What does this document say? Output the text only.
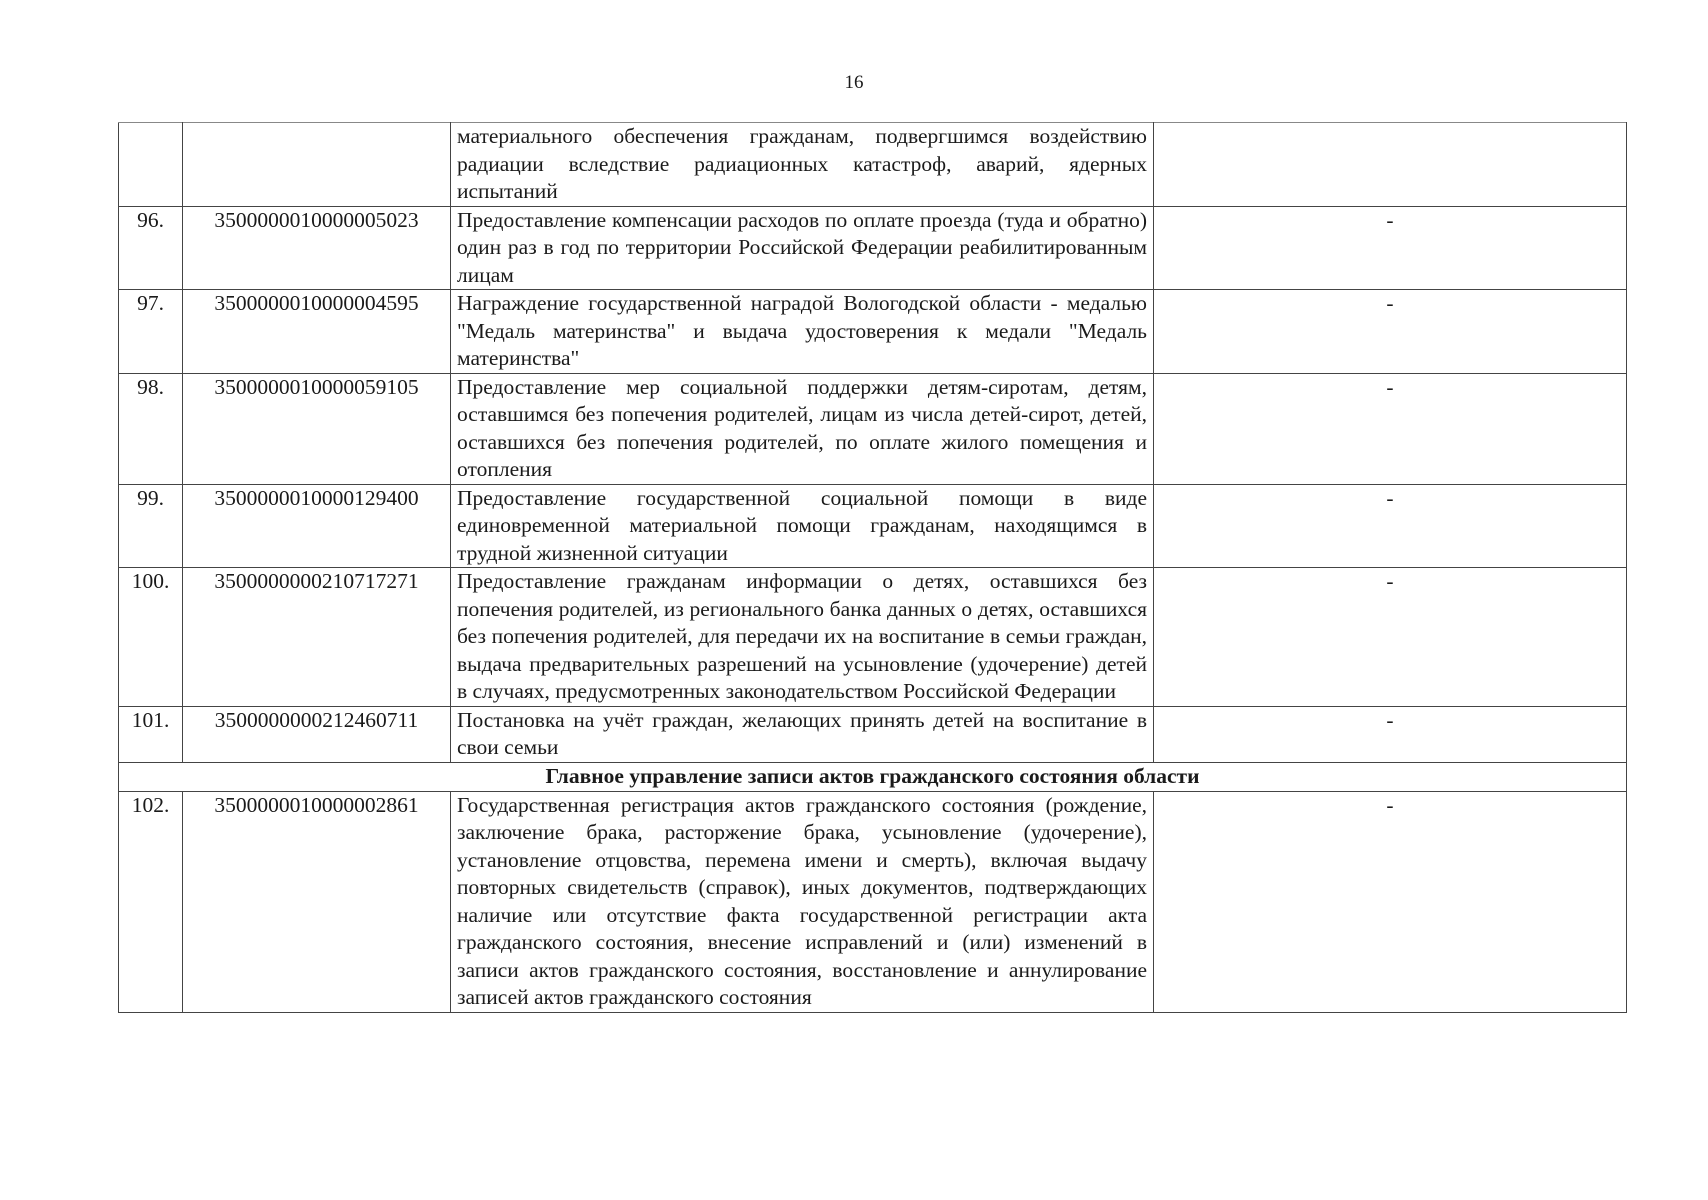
16
		материального обеспечения гражданам, подвергшимся воздействию радиации вследствие радиационных катастроф, аварий, ядерных испытаний	
96.	3500000010000005023	Предоставление компенсации расходов по оплате проезда (туда и обратно) один раз в год по территории Российской Федерации реабилитированным лицам	-
97.	3500000010000004595	Награждение государственной наградой Вологодской области - медалью "Медаль материнства" и выдача удостоверения к медали "Медаль материнства"	-
98.	3500000010000059105	Предоставление мер социальной поддержки детям-сиротам, детям, оставшимся без попечения родителей, лицам из числа детей-сирот, детей, оставшихся без попечения родителей, по оплате жилого помещения и отопления	-
99.	3500000010000129400	Предоставление государственной социальной помощи в виде единовременной материальной помощи гражданам, находящимся в трудной жизненной ситуации	-
100.	3500000000210717271	Предоставление гражданам информации о детях, оставшихся без попечения родителей, из регионального банка данных о детях, оставшихся без попечения родителей, для передачи их на воспитание в семьи граждан, выдача предварительных разрешений на усыновление (удочерение) детей в случаях, предусмотренных законодательством Российской Федерации	-
101.	3500000000212460711	Постановка на учёт граждан, желающих принять детей на воспитание в свои семьи	-
Главное управление записи актов гражданского состояния области			
102.	3500000010000002861	Государственная регистрация актов гражданского состояния (рождение, заключение брака, расторжение брака, усыновление (удочерение), установление отцовства, перемена имени и смерть), включая выдачу повторных свидетельств (справок), иных документов, подтверждающих наличие или отсутствие факта государственной регистрации акта гражданского состояния, внесение исправлений и (или) изменений в записи актов гражданского состояния, восстановление и аннулирование записей актов гражданского состояния	-
